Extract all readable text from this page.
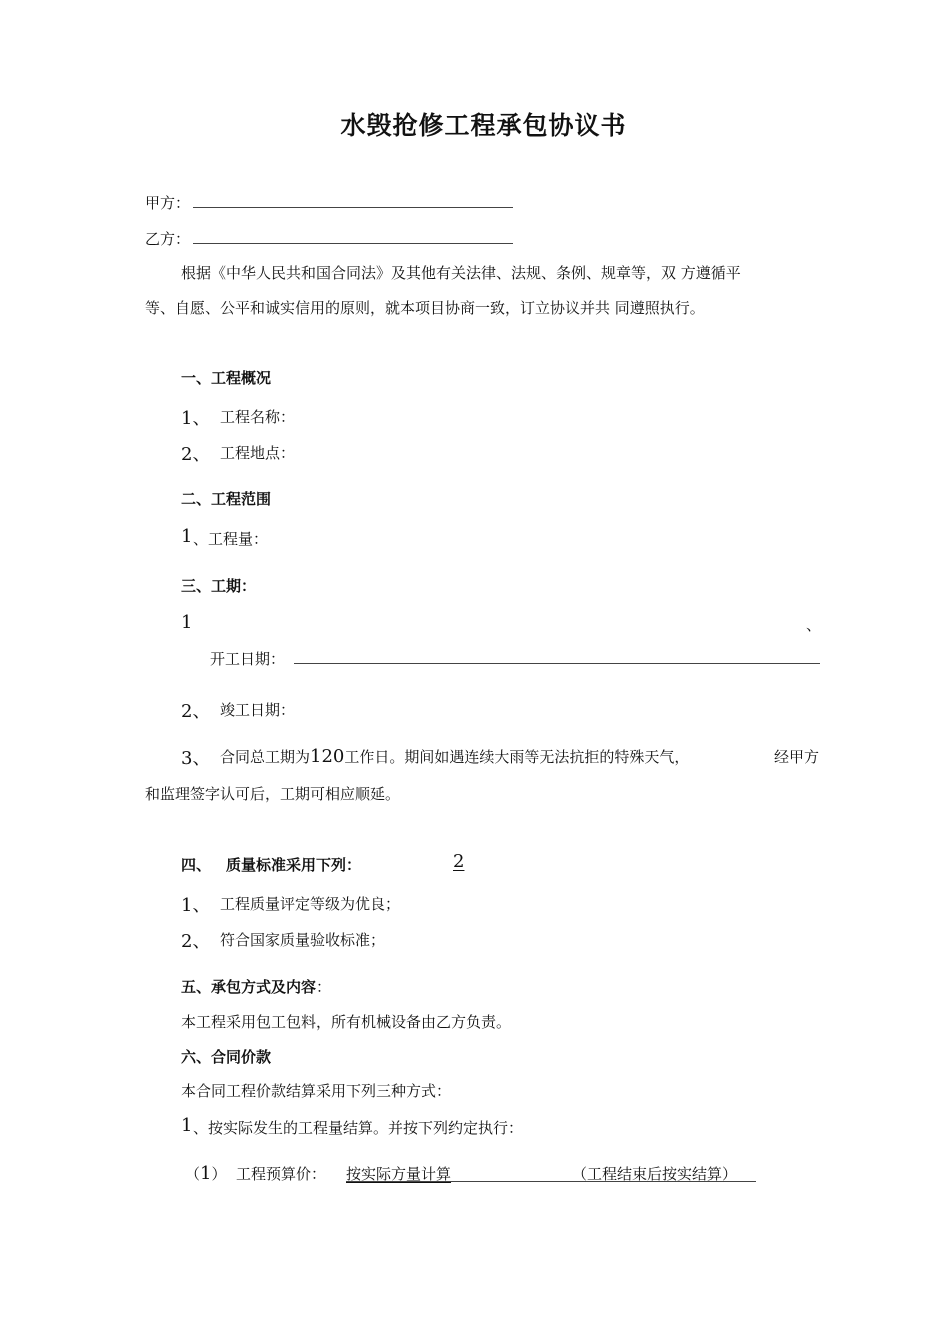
水毁抢修工程承包协议书
甲方：
乙方：
根据《中华人民共和国合同法》及其他有关法律、法规、条例、规章等，双 方遵循平
等、自愿、公平和诚实信用的原则，就本项目协商一致，订立协议并共 同遵照执行。
一、工程概况
1、 工程名称：
2、 工程地点：
二、工程范围
1 、工程量：
三、工期：
1	、
开工日期：
2、 竣工日期：
3、 合同总工期为120工作日。期间如遇连续大雨等无法抗拒的特殊天气，	经甲方
和监理签字认可后，工期可相应顺延。
四、 质量标准采用下列：	2
1、 工程质量评定等级为优良；
2、 符合国家质量验收标准；
五、承包方式及内容：
本工程采用包工包料，所有机械设备由乙方负责。
六、合同价款
本合同工程价款结算采用下列三种方式：
1 、按实际发生的工程量结算。并按下列约定执行：
（1） 工程预算价： 按实际方量计算	（工程结束后按实结算）
